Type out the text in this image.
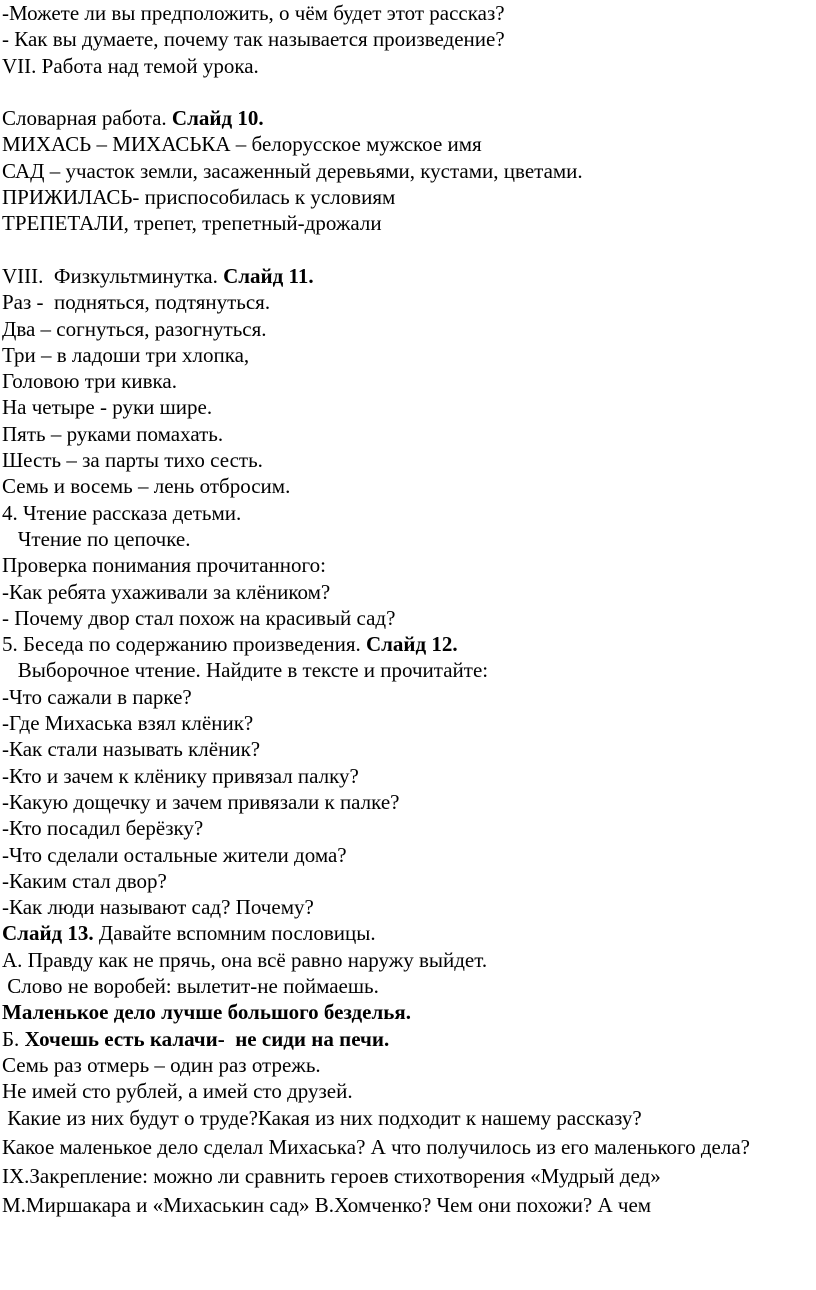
-Можете ли вы предположить, о чём будет этот рассказ?

- Как вы думаете, почему так называется произведение?

VII. Работа над темой урока.

Словарная работа. Слайд 10.

МИХАСЬ – МИХАСЬКА – белорусское мужское имя

САД – участок земли, засаженный деревьями, кустами, цветами.

ПРИЖИЛАСЬ- приспособилась к условиям

ТРЕПЕТАЛИ, трепет, трепетный-дрожали

VIII.  Физкультминутка. Слайд 11.

Раз -  подняться, подтянуться.

Два – согнуться, разогнуться.

Три – в ладоши три хлопка,

Головою три кивка.

На четыре - руки шире.

Пять – руками помахать.

Шесть – за парты тихо сесть.

Семь и восемь – лень отбросим.

4. Чтение рассказа детьми.

Чтение по цепочке.

Проверка понимания прочитанного:

-Как ребята ухаживали за клёником?

- Почему двор стал похож на красивый сад?

5. Беседа по содержанию произведения. Слайд 12.

Выборочное чтение. Найдите в тексте и прочитайте:

-Что сажали в парке?

-Где Михаська взял клёник?

-Как стали называть клёник?

-Кто и зачем к клёнику привязал палку?

-Какую дощечку и зачем привязали к палке?

-Кто посадил берёзку?

-Что сделали остальные жители дома?

-Каким стал двор?

-Как люди называют сад? Почему?

Слайд 13. Давайте вспомним пословицы.

А. Правду как не прячь, она всё равно наружу выйдет.

Слово не воробей: вылетит-не поймаешь.

Маленькое дело лучше большого безделья.

Б. Хочешь есть калачи-  не сиди на печи.

Семь раз отмерь – один раз отрежь.

Не имей сто рублей, а имей сто друзей.

Какие из них будут о труде?Какая из них подходит к нашему рассказу?

Какое маленькое дело сделал Михаська? А что получилось из его маленького дела?

IX.Закрепление: можно ли сравнить героев стихотворения «Мудрый дед»

М.Миршакара и «Михаськин сад» В.Хомченко? Чем они похожи? А чем
